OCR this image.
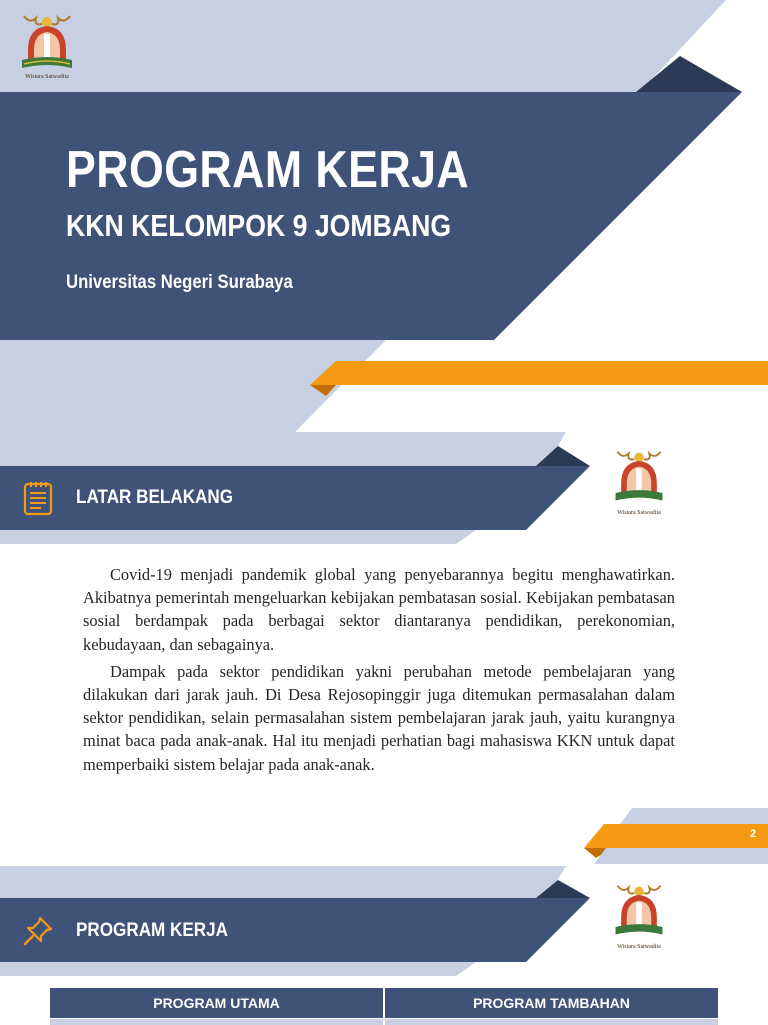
Wistara Satwadita
Wistara Satwadita
Wistara Satwadita
PROGRAM KERJA
KKN KELOMPOK 9 JOMBANG
Universitas Negeri Surabaya
LATAR BELAKANG

Covid-19 menjadi pandemik global yang penyebarannya begitu menghawatirkan. Akibatnya pemerintah mengeluarkan kebijakan pembatasan sosial. Kebijakan pembatasan sosial berdampak pada berbagai sektor diantaranya pendidikan, perekonomian, kebudayaan, dan sebagainya.

Dampak pada sektor pendidikan yakni perubahan metode pembelajaran yang dilakukan dari jarak jauh. Di Desa Rejosopinggir juga ditemukan permasalahan dalam sektor pendidikan, selain permasalahan sistem pembelajaran jarak jauh, yaitu kurangnya minat baca pada anak-anak. Hal itu menjadi perhatian bagi mahasiswa KKN untuk dapat memperbaiki sistem belajar pada anak-anak.

2
PROGRAM KERJA
PROGRAM UTAMA	PROGRAM TAMBAHAN
